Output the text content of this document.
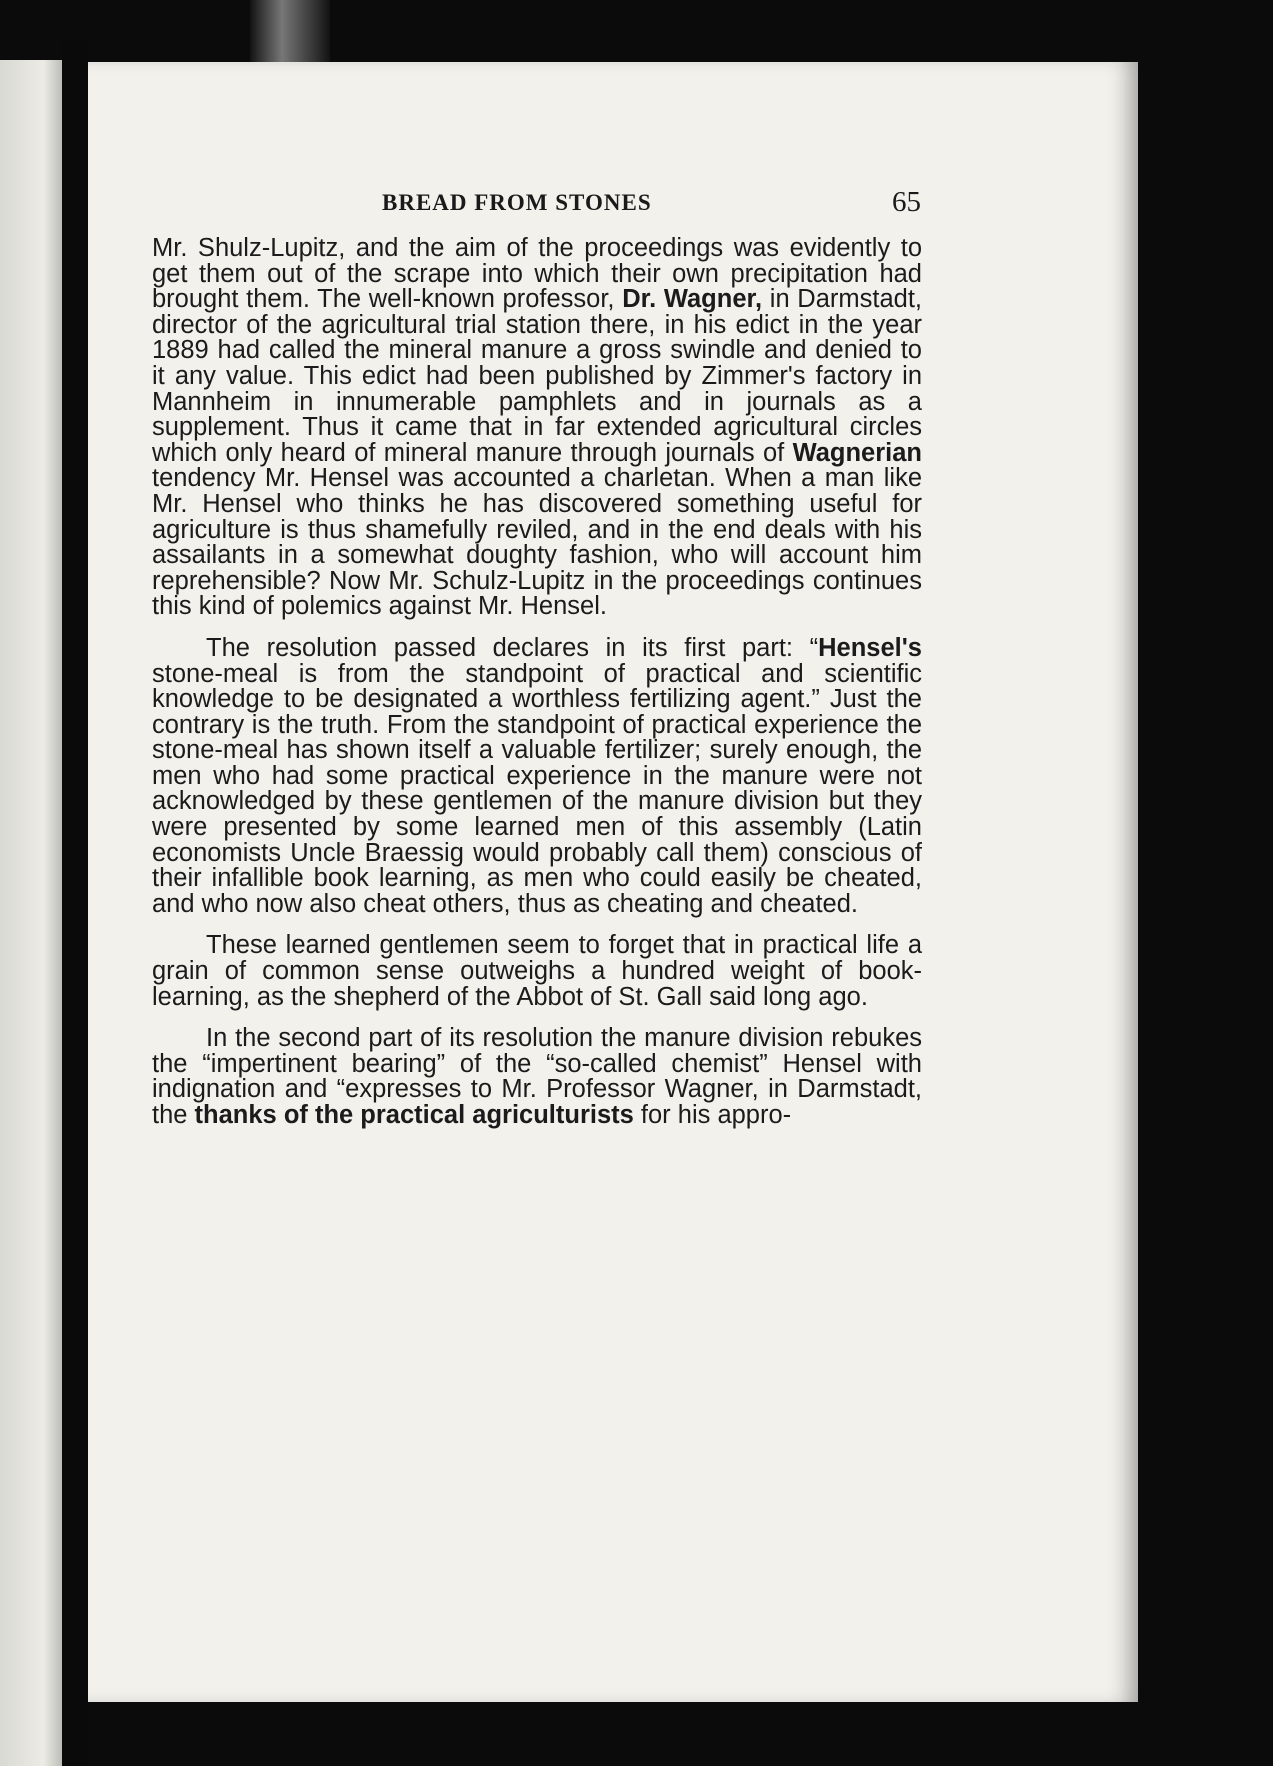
BREAD FROM STONES	65

Mr. Shulz-Lupitz, and the aim of the proceedings was evidently to get them out of the scrape into which their own precipitation had brought them. The well-known professor, Dr. Wagner, in Darmstadt, director of the agricultural trial station there, in his edict in the year 1889 had called the mineral manure a gross swindle and denied to it any value. This edict had been published by Zimmer's factory in Mannheim in innumerable pamphlets and in journals as a supplement. Thus it came that in far extended agricultural circles which only heard of mineral manure through journals of Wagnerian tendency Mr. Hensel was accounted a charletan. When a man like Mr. Hensel who thinks he has discovered something useful for agriculture is thus shamefully reviled, and in the end deals with his assailants in a somewhat doughty fashion, who will account him reprehensible? Now Mr. Schulz-Lupitz in the proceedings continues this kind of polemics against Mr. Hensel.

The resolution passed declares in its first part: “Hensel's stone-meal is from the standpoint of practical and scientific knowledge to be designated a worthless fertilizing agent.” Just the contrary is the truth. From the standpoint of practical experience the stone-meal has shown itself a valuable fertilizer; surely enough, the men who had some practical experience in the manure were not acknowledged by these gentlemen of the manure division but they were presented by some learned men of this assembly (Latin economists Uncle Braessig would probably call them) conscious of their infallible book learning, as men who could easily be cheated, and who now also cheat others, thus as cheating and cheated.

These learned gentlemen seem to forget that in practical life a grain of common sense outweighs a hundred weight of book-learning, as the shepherd of the Abbot of St. Gall said long ago.

In the second part of its resolution the manure division rebukes the “impertinent bearing” of the “so-called chemist” Hensel with indignation and “expresses to Mr. Professor Wagner, in Darmstadt, the thanks of the practical agriculturists for his appro-
